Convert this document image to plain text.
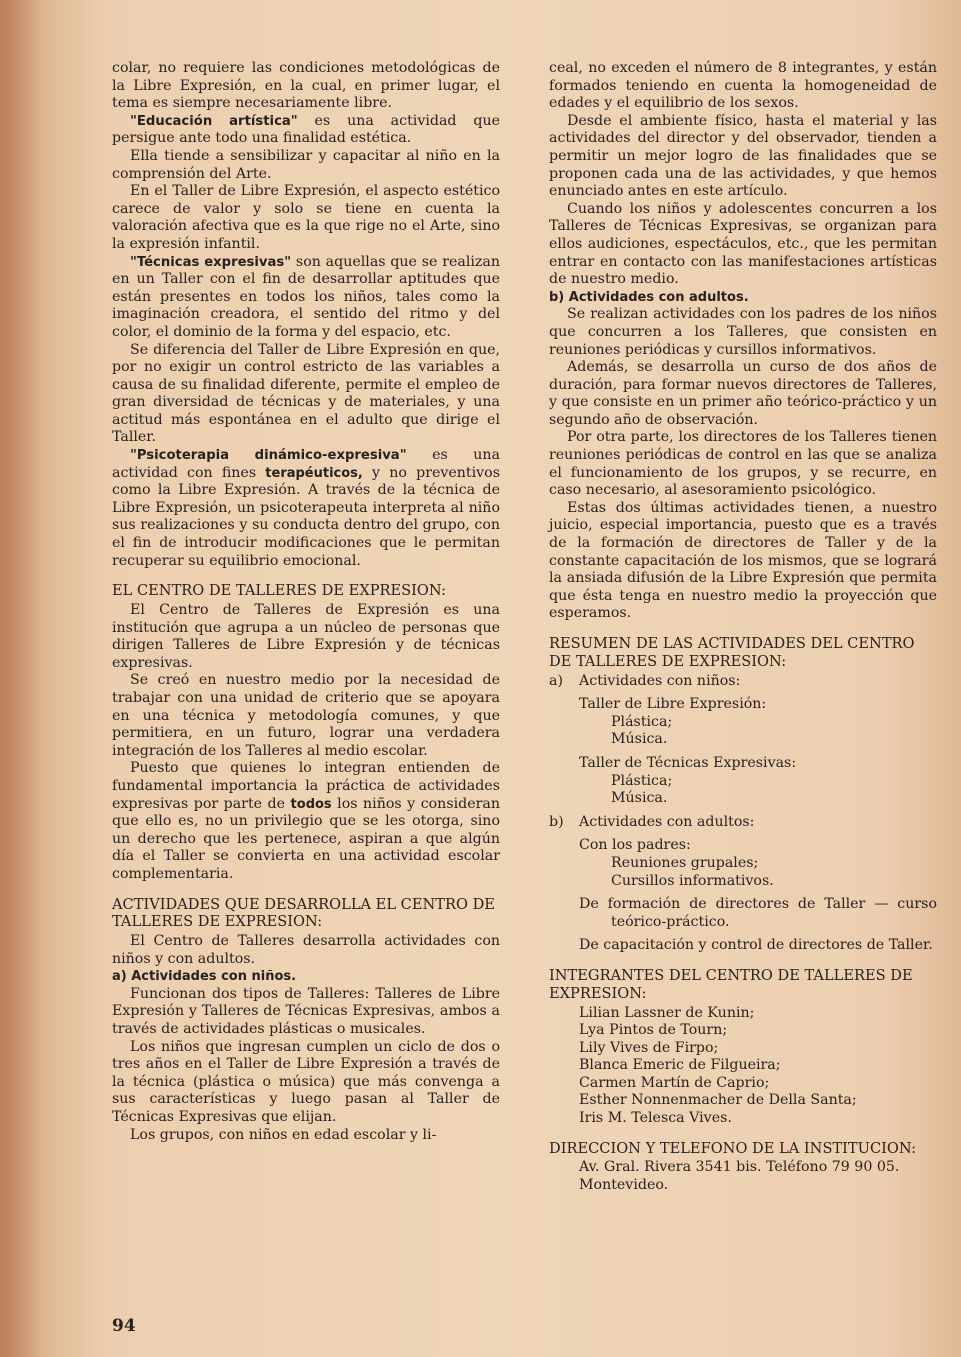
colar, no requiere las condiciones metodológicas de la Libre Expresión, en la cual, en primer lugar, el tema es siempre necesariamente libre.

"Educación artística" es una actividad que persigue ante todo una finalidad estética.

Ella tiende a sensibilizar y capacitar al niño en la comprensión del Arte.

En el Taller de Libre Expresión, el aspecto estético carece de valor y solo se tiene en cuenta la valoración afectiva que es la que rige no el Arte, sino la expresión infantil.

"Técnicas expresivas" son aquellas que se realizan en un Taller con el fin de desarrollar aptitudes que están presentes en todos los niños, tales como la imaginación creadora, el sentido del ritmo y del color, el dominio de la forma y del espacio, etc.

Se diferencia del Taller de Libre Expresión en que, por no exigir un control estricto de las variables a causa de su finalidad diferente, permite el empleo de gran diversidad de técnicas y de materiales, y una actitud más espontánea en el adulto que dirige el Taller.

"Psicoterapia dinámico-expresiva" es una actividad con fines terapéuticos, y no preventivos como la Libre Expresión. A través de la técnica de Libre Expresión, un psicoterapeuta interpreta al niño sus realizaciones y su conducta dentro del grupo, con el fin de introducir modificaciones que le permitan recuperar su equilibrio emocional.

EL CENTRO DE TALLERES DE EXPRESION:

El Centro de Talleres de Expresión es una institución que agrupa a un núcleo de personas que dirigen Talleres de Libre Expresión y de técnicas expresivas.

Se creó en nuestro medio por la necesidad de trabajar con una unidad de criterio que se apoyara en una técnica y metodología comunes, y que permitiera, en un futuro, lograr una verdadera integración de los Talleres al medio escolar.

Puesto que quienes lo integran entienden de fundamental importancia la práctica de actividades expresivas por parte de todos los niños y consideran que ello es, no un privilegio que se les otorga, sino un derecho que les pertenece, aspiran a que algún día el Taller se convierta en una actividad escolar complementaria.

ACTIVIDADES QUE DESARROLLA EL CENTRO DE TALLERES DE EXPRESION:

El Centro de Talleres desarrolla actividades con niños y con adultos.

a) Actividades con niños.

Funcionan dos tipos de Talleres: Talleres de Libre Expresión y Talleres de Técnicas Expresivas, ambos a través de actividades plásticas o musicales.

Los niños que ingresan cumplen un ciclo de dos o tres años en el Taller de Libre Expresión a través de la técnica (plástica o música) que más convenga a sus características y luego pasan al Taller de Técnicas Expresivas que elijan.

Los grupos, con niños en edad escolar y li-

ceal, no exceden el número de 8 integrantes, y están formados teniendo en cuenta la homogeneidad de edades y el equilibrio de los sexos.

Desde el ambiente físico, hasta el material y las actividades del director y del observador, tienden a permitir un mejor logro de las finalidades que se proponen cada una de las actividades, y que hemos enunciado antes en este artículo.

Cuando los niños y adolescentes concurren a los Talleres de Técnicas Expresivas, se organizan para ellos audiciones, espectáculos, etc., que les permitan entrar en contacto con las manifestaciones artísticas de nuestro medio.

b) Actividades con adultos.

Se realizan actividades con los padres de los niños que concurren a los Talleres, que consisten en reuniones periódicas y cursillos informativos.

Además, se desarrolla un curso de dos años de duración, para formar nuevos directores de Talleres, y que consiste en un primer año teórico-práctico y un segundo año de observación.

Por otra parte, los directores de los Talleres tienen reuniones periódicas de control en las que se analiza el funcionamiento de los grupos, y se recurre, en caso necesario, al asesoramiento psicológico.

Estas dos últimas actividades tienen, a nuestro juicio, especial importancia, puesto que es a través de la formación de directores de Taller y de la constante capacitación de los mismos, que se logrará la ansiada difusión de la Libre Expresión que permita que ésta tenga en nuestro medio la proyección que esperamos.

RESUMEN DE LAS ACTIVIDADES DEL CENTRO DE TALLERES DE EXPRESION:

a)	Actividades con niños:

Taller de Libre Expresión:

Plástica;

Música.

Taller de Técnicas Expresivas:

Plástica;

Música.

b)	Actividades con adultos:

Con los padres:

Reuniones grupales;

Cursillos informativos.

De formación de directores de Taller — curso teórico-práctico.

De capacitación y control de directores de Taller.

INTEGRANTES DEL CENTRO DE TALLERES DE EXPRESION:

Lilian Lassner de Kunin;

Lya Pintos de Tourn;

Lily Vives de Firpo;

Blanca Emeric de Filgueira;

Carmen Martín de Caprio;

Esther Nonnenmacher de Della Santa;

Iris M. Telesca Vives.

DIRECCION Y TELEFONO DE LA INSTITUCION:

Av. Gral. Rivera 3541 bis. Teléfono 79 90 05.

Montevideo.

94
